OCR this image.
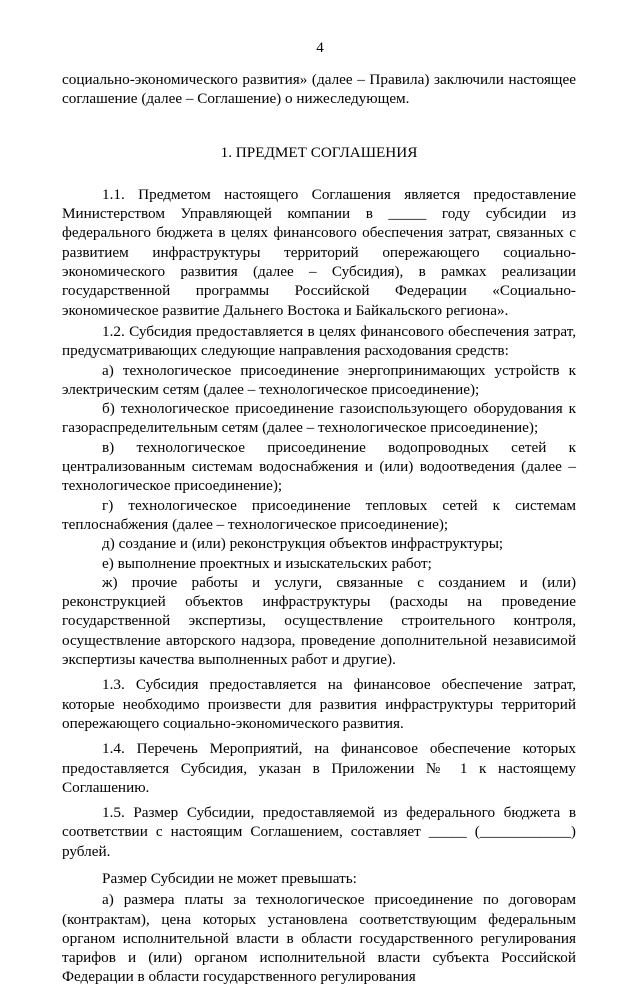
4

социально-экономического развития» (далее – Правила) заключили настоящее соглашение (далее – Соглашение) о нижеследующем.

1. ПРЕДМЕТ СОГЛАШЕНИЯ

1.1. Предметом настоящего Соглашения является предоставление Министерством Управляющей компании в _____ году субсидии из федерального бюджета в целях финансового обеспечения затрат, связанных с развитием инфраструктуры территорий опережающего социально-экономического развития (далее – Субсидия), в рамках реализации государственной программы Российской Федерации «Социально-экономическое развитие Дальнего Востока и Байкальского региона».

1.2. Субсидия предоставляется в целях финансового обеспечения затрат, предусматривающих следующие направления расходования средств:

а) технологическое присоединение энергопринимающих устройств к электрическим сетям (далее – технологическое присоединение);

б) технологическое присоединение газоиспользующего оборудования к газораспределительным сетям (далее – технологическое присоединение);

в) технологическое присоединение водопроводных сетей к централизованным системам водоснабжения и (или) водоотведения (далее – технологическое присоединение);

г) технологическое присоединение тепловых сетей к системам теплоснабжения (далее – технологическое присоединение);

д) создание и (или) реконструкция объектов инфраструктуры;

е) выполнение проектных и изыскательских работ;

ж) прочие работы и услуги, связанные с созданием и (или) реконструкцией объектов инфраструктуры (расходы на проведение государственной экспертизы, осуществление строительного контроля, осуществление авторского надзора, проведение дополнительной независимой экспертизы качества выполненных работ и другие).

1.3. Субсидия предоставляется на финансовое обеспечение затрат, которые необходимо произвести для развития инфраструктуры территорий опережающего социально-экономического развития.

1.4. Перечень Мероприятий, на финансовое обеспечение которых предоставляется Субсидия, указан в Приложении № 1 к настоящему Соглашению.

1.5. Размер Субсидии, предоставляемой из федерального бюджета в соответствии с настоящим Соглашением, составляет _____ (____________) рублей.

Размер Субсидии не может превышать:

а) размера платы за технологическое присоединение по договорам (контрактам), цена которых установлена соответствующим федеральным органом исполнительной власти в области государственного регулирования тарифов и (или) органом исполнительной власти субъекта Российской Федерации в области государственного регулирования
